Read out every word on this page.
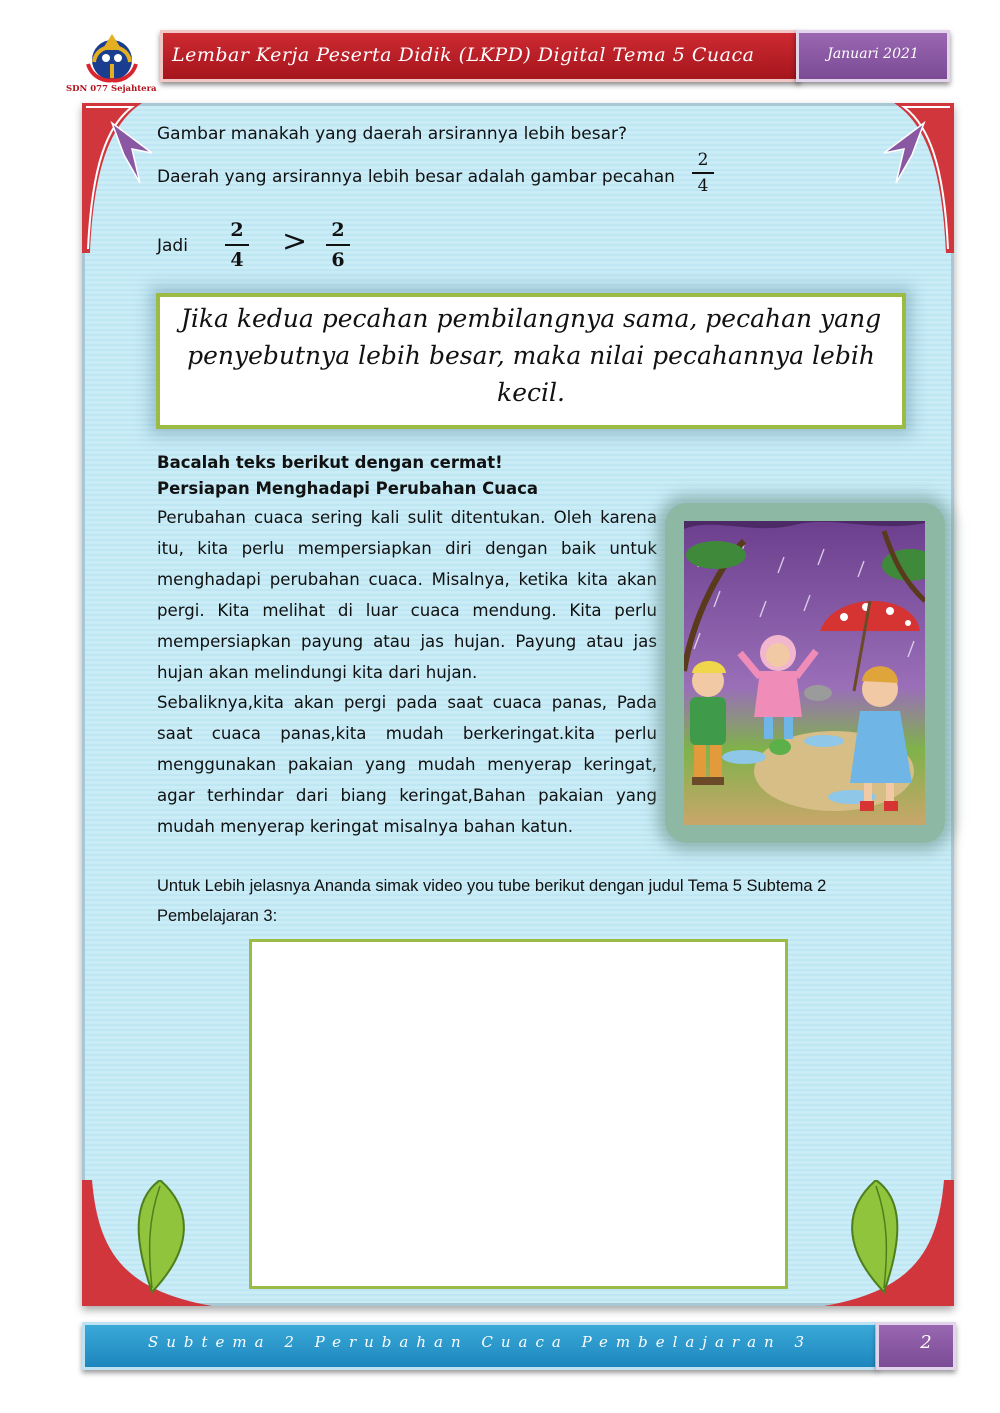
SDN 077 Sejahtera
Lembar Kerja Peserta Didik (LKPD) Digital Tema 5 Cuaca	Januari 2021
Gambar manakah yang daerah arsirannya lebih besar?
Daerah yang arsirannya lebih besar adalah gambar pecahan
2
4
Jadi
2
4
> 2
6
Jika kedua pecahan pembilangnya sama, pecahan yang penyebutnya lebih besar, maka nilai pecahannya lebih kecil.
Bacalah teks berikut dengan cermat!
Persiapan Menghadapi Perubahan Cuaca

Perubahan cuaca sering kali sulit ditentukan. Oleh karena itu, kita perlu mempersiapkan diri dengan baik untuk menghadapi perubahan cuaca. Misalnya, ketika kita akan pergi. Kita melihat di luar cuaca mendung. Kita perlu mempersiapkan payung atau jas hujan. Payung atau jas hujan akan melindungi kita dari hujan.

Sebaliknya,kita akan pergi pada saat cuaca panas, Pada saat cuaca panas,kita mudah berkeringat.kita perlu menggunakan pakaian yang mudah menyerap keringat, agar terhindar dari biang keringat,Bahan pakaian yang mudah menyerap keringat misalnya bahan katun.

Untuk Lebih jelasnya Ananda simak video you tube berikut dengan judul Tema 5 Subtema 2 Pembelajaran 3:
Subtema 2 Perubahan Cuaca Pembelajaran 3	2
